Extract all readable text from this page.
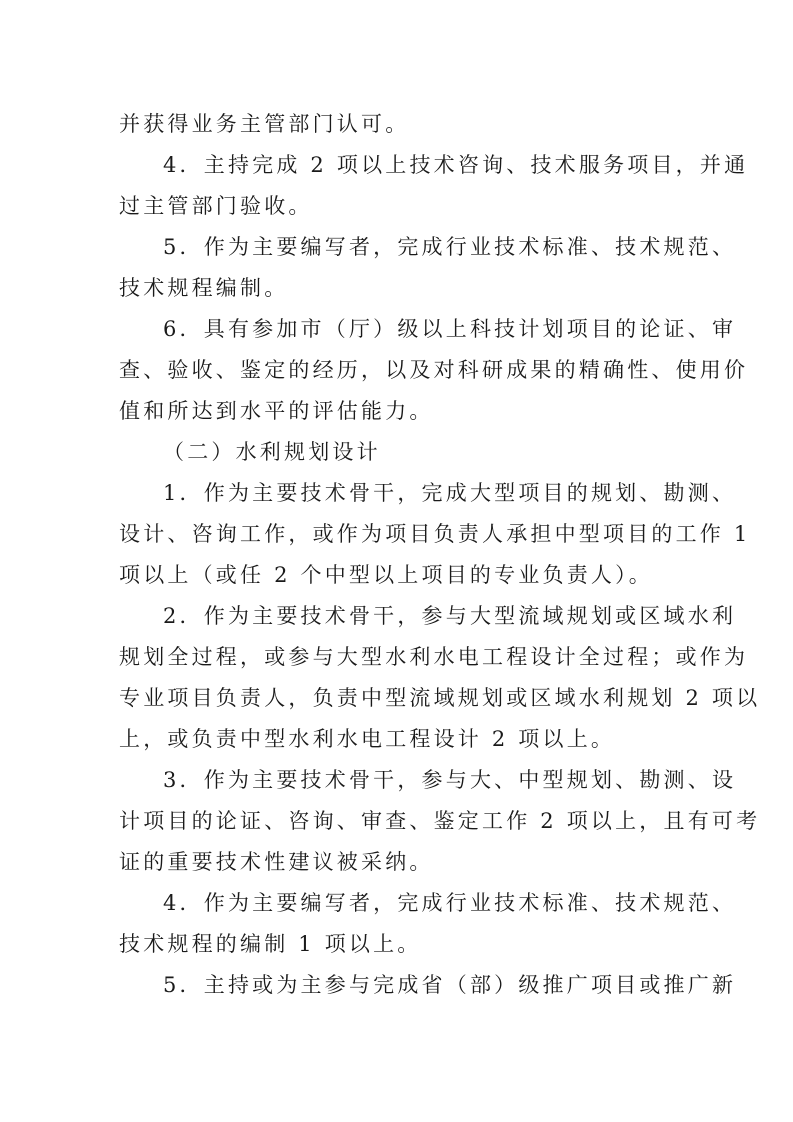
并获得业务主管部门认可。
4．主持完成 2 项以上技术咨询、技术服务项目，并通
过主管部门验收。
5．作为主要编写者，完成行业技术标准、技术规范、
技术规程编制。
6．具有参加市（厅）级以上科技计划项目的论证、审
查、验收、鉴定的经历，以及对科研成果的精确性、使用价
值和所达到水平的评估能力。
（二）水利规划设计
1．作为主要技术骨干，完成大型项目的规划、勘测、
设计、咨询工作，或作为项目负责人承担中型项目的工作 1
项以上（或任 2 个中型以上项目的专业负责人）。
2．作为主要技术骨干，参与大型流域规划或区域水利
规划全过程，或参与大型水利水电工程设计全过程；或作为
专业项目负责人，负责中型流域规划或区域水利规划 2 项以
上，或负责中型水利水电工程设计 2 项以上。
3．作为主要技术骨干，参与大、中型规划、勘测、设
计项目的论证、咨询、审查、鉴定工作 2 项以上，且有可考
证的重要技术性建议被采纳。
4．作为主要编写者，完成行业技术标准、技术规范、
技术规程的编制 1 项以上。
5．主持或为主参与完成省（部）级推广项目或推广新
